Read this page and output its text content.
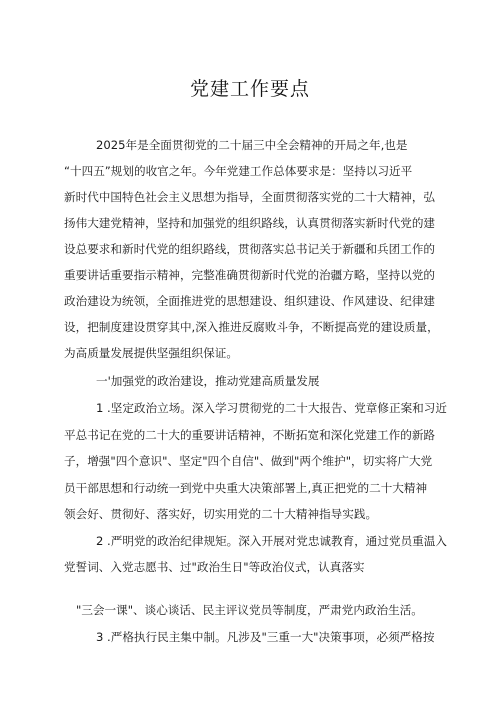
党建工作要点
2025年是全面贯彻党的二十届三中全会精神的开局之年,也是
“十四五”规划的收官之年。今年党建工作总体要求是：坚持以习近平
新时代中国特色社会主义思想为指导，全面贯彻落实党的二十大精神，弘
扬伟大建党精神，坚持和加强党的组织路线，认真贯彻落实新时代党的建
设总要求和新时代党的组织路线，贯彻落实总书记关于新疆和兵团工作的
重要讲话重要指示精神，完整准确贯彻新时代党的治疆方略，坚持以党的
政治建设为统领，全面推进党的思想建设、组织建设、作风建设、纪律建
设，把制度建设贯穿其中,深入推进反腐败斗争，不断提高党的建设质量，
为高质量发展提供坚强组织保证。
一'加强党的政治建设，推动党建高质量发展
1 .坚定政治立场。深入学习贯彻党的二十大报告、党章修正案和习近
平总书记在党的二十大的重要讲话精神，不断拓宽和深化党建工作的新路
子，增强"四个意识"、坚定"四个自信"、做到"两个维护"，切实将广大党
员干部思想和行动统一到党中央重大决策部署上,真正把党的二十大精神
领会好、贯彻好、落实好，切实用党的二十大精神指导实践。
2 .严明党的政治纪律规矩。深入开展对党忠诚教育，通过党员重温入
党誓词、入党志愿书、过"政治生日"等政治仪式，认真落实
"三会一课"、谈心谈话、民主评议党员等制度，严肃党内政治生活。
3 .严格执行民主集中制。凡涉及"三重一大"决策事项，必须严格按
